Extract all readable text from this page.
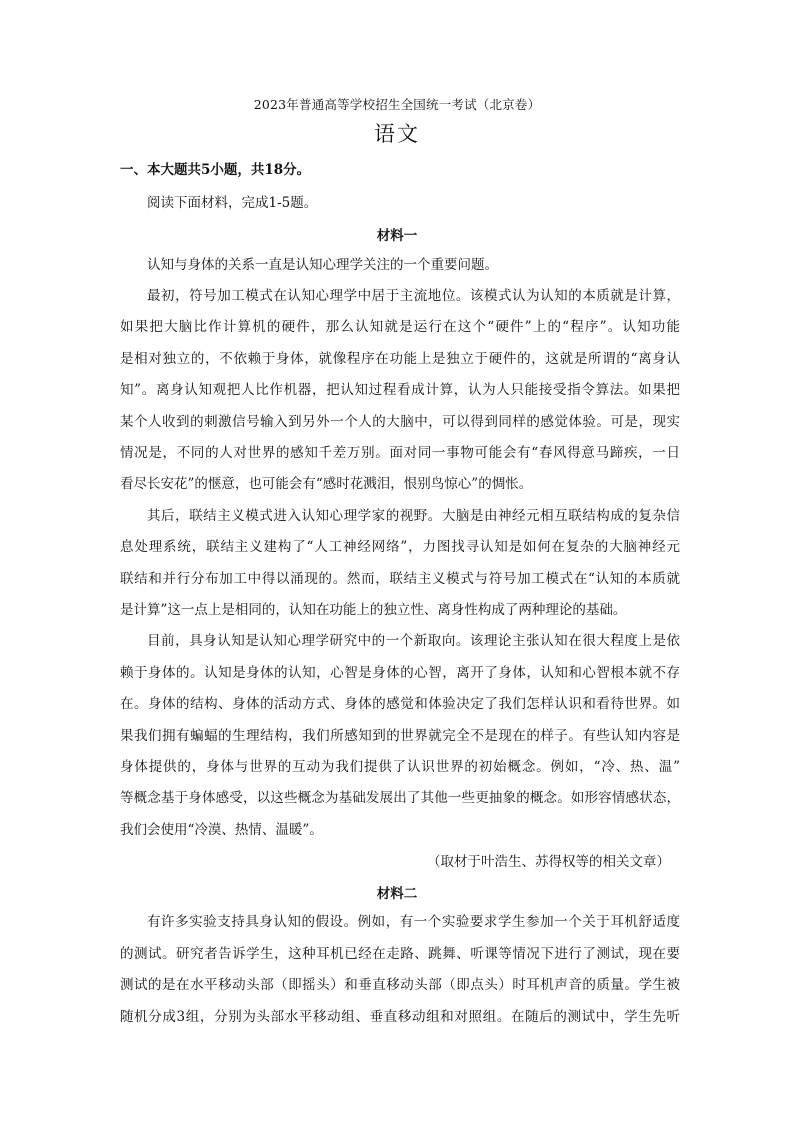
2023年普通高等学校招生全国统一考试（北京卷）
语文
一、本大题共5小题，共18分。
阅读下面材料，完成1-5题。
材料一
认知与身体的关系一直是认知心理学关注的一个重要问题。
最初，符号加工模式在认知心理学中居于主流地位。该模式认为认知的本质就是计算，
如果把大脑比作计算机的硬件，那么认知就是运行在这个“硬件”上的“程序”。认知功能
是相对独立的，不依赖于身体，就像程序在功能上是独立于硬件的，这就是所谓的“离身认
知”。离身认知观把人比作机器，把认知过程看成计算，认为人只能接受指令算法。如果把
某个人收到的刺激信号输入到另外一个人的大脑中，可以得到同样的感觉体验。可是，现实
情况是，不同的人对世界的感知千差万别。面对同一事物可能会有“春风得意马蹄疾，一日
看尽长安花”的惬意，也可能会有“感时花溅泪，恨别鸟惊心”的惆怅。
其后，联结主义模式进入认知心理学家的视野。大脑是由神经元相互联结构成的复杂信
息处理系统，联结主义建构了“人工神经网络”，力图找寻认知是如何在复杂的大脑神经元
联结和并行分布加工中得以涌现的。然而，联结主义模式与符号加工模式在“认知的本质就
是计算”这一点上是相同的，认知在功能上的独立性、离身性构成了两种理论的基础。
目前，具身认知是认知心理学研究中的一个新取向。该理论主张认知在很大程度上是依
赖于身体的。认知是身体的认知，心智是身体的心智，离开了身体，认知和心智根本就不存
在。身体的结构、身体的活动方式、身体的感觉和体验决定了我们怎样认识和看待世界。如
果我们拥有蝙蝠的生理结构，我们所感知到的世界就完全不是现在的样子。有些认知内容是
身体提供的，身体与世界的互动为我们提供了认识世界的初始概念。例如，“冷、热、温”
等概念基于身体感受，以这些概念为基础发展出了其他一些更抽象的概念。如形容情感状态，
我们会使用“冷漠、热情、温暖”。
（取材于叶浩生、苏得权等的相关文章）
材料二
有许多实验支持具身认知的假设。例如，有一个实验要求学生参加一个关于耳机舒适度
的测试。研究者告诉学生，这种耳机已经在走路、跳舞、听课等情况下进行了测试，现在要
测试的是在水平移动头部（即摇头）和垂直移动头部（即点头）时耳机声音的质量。学生被
随机分成3组，分别为头部水平移动组、垂直移动组和对照组。在随后的测试中，学生先听
